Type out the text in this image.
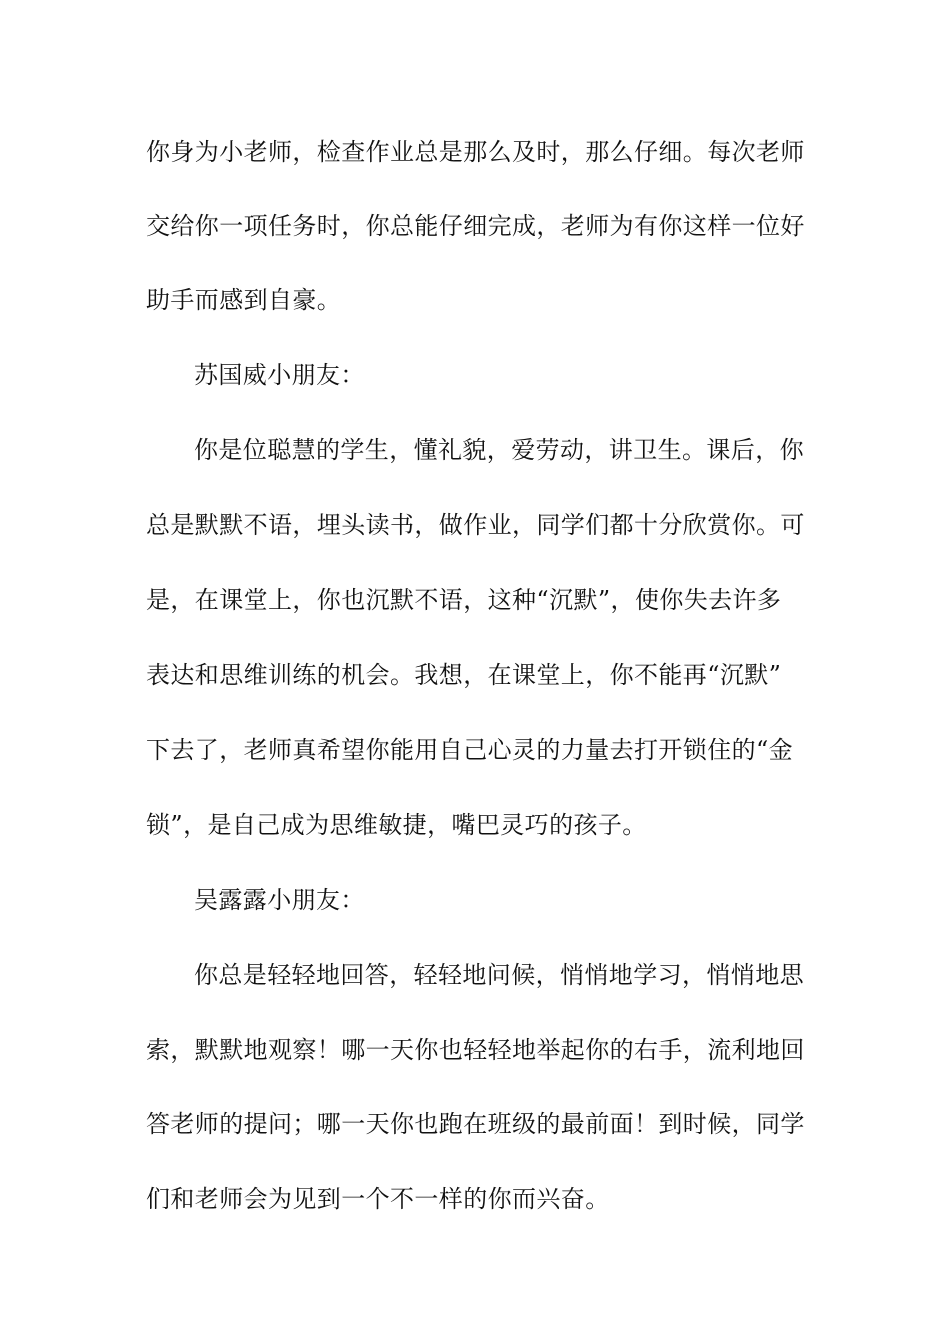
你身为小老师，检查作业总是那么及时，那么仔细。每次老师
交给你一项任务时，你总能仔细完成，老师为有你这样一位好
助手而感到自豪。
苏国威小朋友：
你是位聪慧的学生，懂礼貌，爱劳动，讲卫生。课后，你
总是默默不语，埋头读书，做作业，同学们都十分欣赏你。可
是，在课堂上，你也沉默不语，这种“沉默”，使你失去许多
表达和思维训练的机会。我想，在课堂上，你不能再“沉默”
下去了，老师真希望你能用自己心灵的力量去打开锁住的“金
锁”，是自己成为思维敏捷，嘴巴灵巧的孩子。
吴露露小朋友：
你总是轻轻地回答，轻轻地问候，悄悄地学习，悄悄地思
索，默默地观察！哪一天你也轻轻地举起你的右手，流利地回
答老师的提问；哪一天你也跑在班级的最前面！到时候，同学
们和老师会为见到一个不一样的你而兴奋。
